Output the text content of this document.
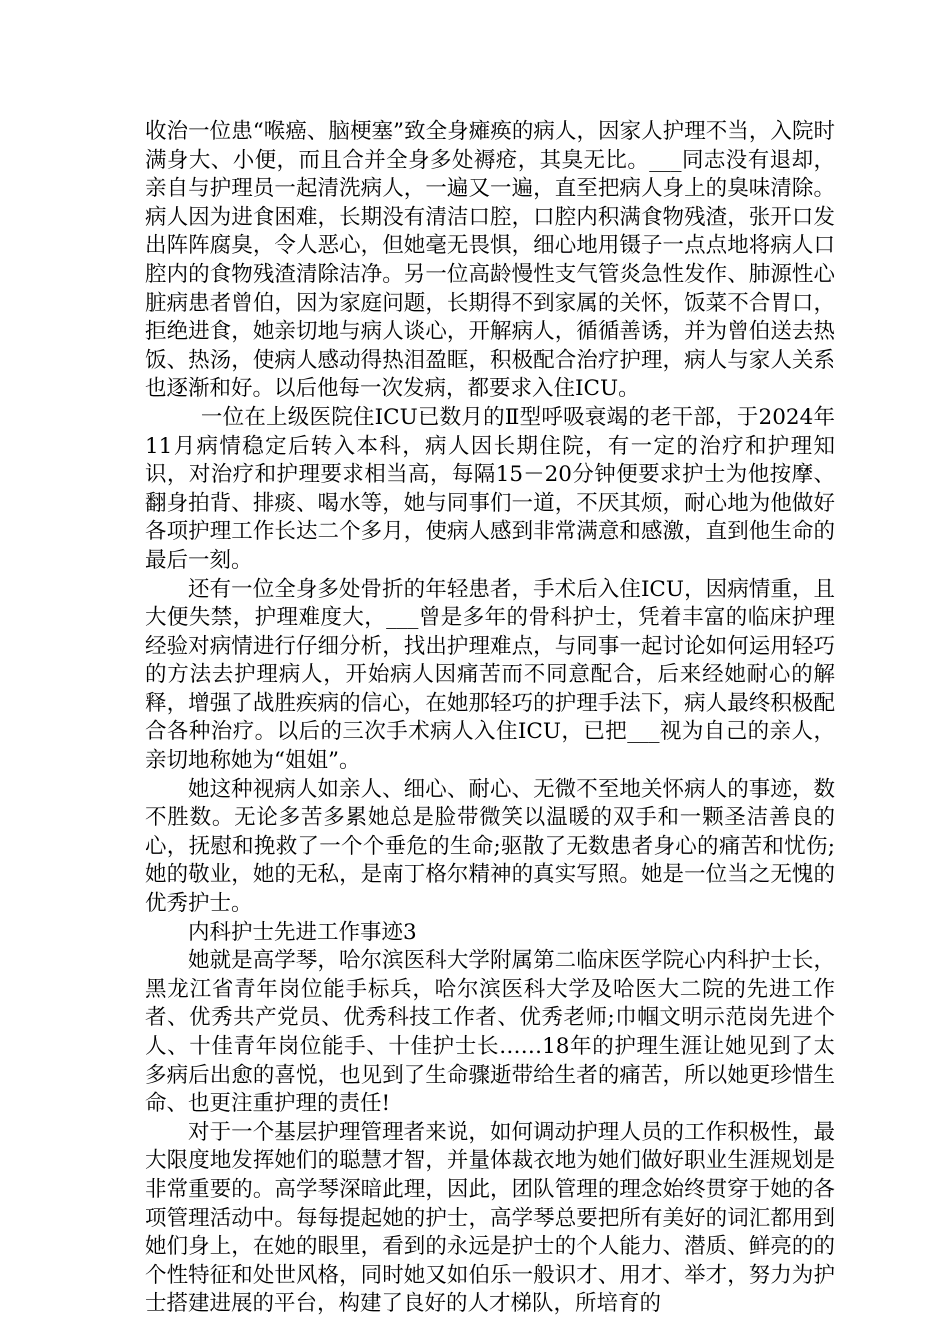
收治一位患“喉癌、脑梗塞”致全身瘫痪的病人，因家人护理不当，入院时满身大、小便，而且合并全身多处褥疮，其臭无比。___同志没有退却，亲自与护理员一起清洗病人，一遍又一遍，直至把病人身上的臭味清除。病人因为进食困难，长期没有清洁口腔，口腔内积满食物残渣，张开口发出阵阵腐臭，令人恶心，但她毫无畏惧，细心地用镊子一点点地将病人口腔内的食物残渣清除洁净。另一位高龄慢性支气管炎急性发作、肺源性心脏病患者曾伯，因为家庭问题，长期得不到家属的关怀，饭菜不合胃口，拒绝进食，她亲切地与病人谈心，开解病人，循循善诱，并为曾伯送去热饭、热汤，使病人感动得热泪盈眶，积极配合治疗护理，病人与家人关系也逐渐和好。以后他每一次发病，都要求入住ICU。

一位在上级医院住ICU已数月的Ⅱ型呼吸衰竭的老干部，于2024年11月病情稳定后转入本科，病人因长期住院，有一定的治疗和护理知识，对治疗和护理要求相当高，每隔15－20分钟便要求护士为他按摩、翻身拍背、排痰、喝水等，她与同事们一道，不厌其烦，耐心地为他做好各项护理工作长达二个多月，使病人感到非常满意和感激，直到他生命的最后一刻。

还有一位全身多处骨折的年轻患者，手术后入住ICU，因病情重，且大便失禁，护理难度大，___曾是多年的骨科护士，凭着丰富的临床护理经验对病情进行仔细分析，找出护理难点，与同事一起讨论如何运用轻巧的方法去护理病人，开始病人因痛苦而不同意配合，后来经她耐心的解释，增强了战胜疾病的信心，在她那轻巧的护理手法下，病人最终积极配合各种治疗。以后的三次手术病人入住ICU，已把___视为自己的亲人，亲切地称她为“姐姐”。

她这种视病人如亲人、细心、耐心、无微不至地关怀病人的事迹，数不胜数。无论多苦多累她总是脸带微笑以温暖的双手和一颗圣洁善良的心，抚慰和挽救了一个个垂危的生命;驱散了无数患者身心的痛苦和忧伤;她的敬业，她的无私，是南丁格尔精神的真实写照。她是一位当之无愧的优秀护士。

内科护士先进工作事迹3

她就是高学琴，哈尔滨医科大学附属第二临床医学院心内科护士长，黑龙江省青年岗位能手标兵，哈尔滨医科大学及哈医大二院的先进工作者、优秀共产党员、优秀科技工作者、优秀老师;巾帼文明示范岗先进个人、十佳青年岗位能手、十佳护士长……18年的护理生涯让她见到了太多病后出愈的喜悦，也见到了生命骤逝带给生者的痛苦，所以她更珍惜生命、也更注重护理的责任!

对于一个基层护理管理者来说，如何调动护理人员的工作积极性，最大限度地发挥她们的聪慧才智，并量体裁衣地为她们做好职业生涯规划是非常重要的。高学琴深暗此理，因此，团队管理的理念始终贯穿于她的各项管理活动中。每每提起她的护士，高学琴总要把所有美好的词汇都用到她们身上，在她的眼里，看到的永远是护士的个人能力、潜质、鲜亮的的个性特征和处世风格，同时她又如伯乐一般识才、用才、举才，努力为护士搭建进展的平台，构建了良好的人才梯队，所培育的
